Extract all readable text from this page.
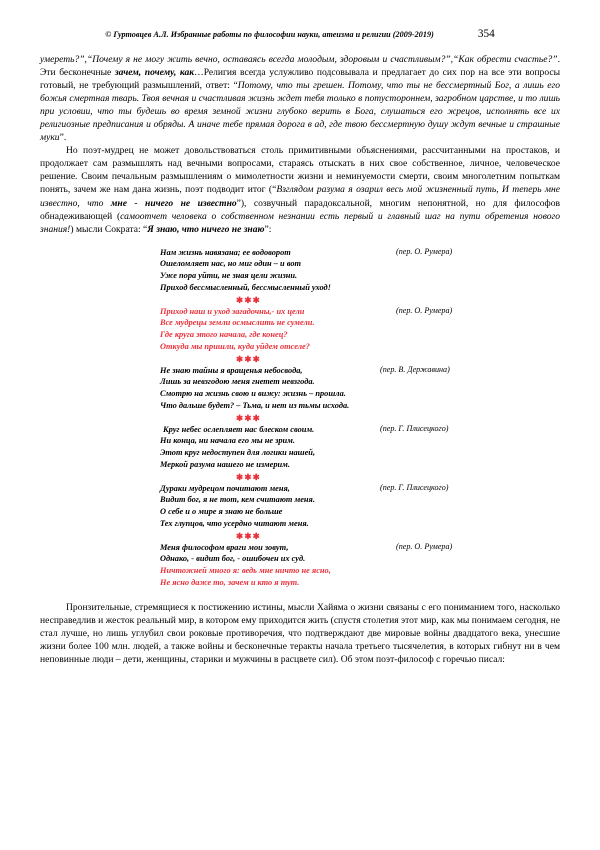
© Гуртовцев А.Л. Избранные работы по философии науки, атеизма и религии (2009-2019)	354

умереть?”,“Почему я не могу жить вечно, оставаясь всегда молодым, здоровым и счастливым?”,“Как обрести счастье?”. Эти бесконечные зачем, почему, как…Религия всегда услужливо подсовывала и предлагает до сих пор на все эти вопросы готовый, не требующий размышлений, ответ: “Потому, что ты грешен. Потому, что ты не бессмертный Бог, а лишь его божья смертная тварь. Твоя вечная и счастливая жизнь ждет тебя только в потустороннем, загробном царстве, и то лишь при условии, что ты будешь во время земной жизни глубоко верить в Бога, слушаться его жрецов, исполнять все их религиозные предписания и обряды. А иначе тебе прямая дорога в ад, где твою бессмертную душу ждут вечные и страшные муки”.

Но поэт-мудрец не может довольствоваться столь примитивными объяснениями, рассчитанными на простаков, и продолжает сам размышлять над вечными вопросами, стараясь отыскать в них свое собственное, личное, человеческое решение. Своим печальным размышлениям о мимолетности жизни и неминуемости смерти, своим многолетним попыткам понять, зачем же нам дана жизнь, поэт подводит итог (“Взглядом разума я озарил весь мой жизненный путь, И теперь мне известно, что мне - ничего не известно”), созвучный парадоксальной, многим непонятной, но для философов обнадеживающей (самоотчет человека о собственном незнании есть первый и главный шаг на пути обретения нового знания!) мысли Сократа: “Я знаю, что ничего не знаю”:

(пер. О. Румера)
Нам жизнь навязана; ее водоворот
Ошеломляет нас, но миг один – и вот
Уже пора уйти, не зная цели жизни.
Приход бессмысленный, бессмысленный уход!
✱✱✱
(пер. О. Румера)
Приход наш и уход загадочны,- их цели
Все мудрецы земли осмыслить не сумели.
Где круга этого начала, где конец?
Откуда мы пришли, куда уйдем отселе?
✱✱✱
(пер. В. Державина)
Не знаю тайны я вращенья небосвода,
Лишь за невзгодою меня гнетет невзгода.
Смотрю на жизнь свою и вижу: жизнь – прошла.
Что дальше будет? – Тьма, и нет из тьмы исхода.
✱✱✱
(пер. Г. Плисецкого)
Круг небес ослепляет нас блеском своим.
Ни конца, ни начала его мы не зрим.
Этот круг недоступен для логики нашей,
Меркой разума нашего не измерим.
✱✱✱
(пер. Г. Плисецкого)
Дураки мудрецом почитают меня,
Видит бог, я не тот, кем считают меня.
О себе и о мире я знаю не больше
Тех глупцов, что усердно читают меня.
✱✱✱
(пер. О. Румера)
Меня философом враги мои зовут,
Однако, - видит бог, - ошибочен их суд.
Ничтожней много я: ведь мне ничто не ясно,
Не ясно даже то, зачем и кто я тут.

Пронзительные, стремящиеся к постижению истины, мысли Хайяма о жизни связаны с его пониманием того, насколько несправедлив и жесток реальный мир, в котором ему приходится жить (спустя столетия этот мир, как мы понимаем сегодня, не стал лучше, но лишь углубил свои роковые противоречия, что подтверждают две мировые войны двадцатого века, унесшие жизни более 100 млн. людей, а также войны и бесконечные теракты начала третьего тысячелетия, в которых гибнут ни в чем неповинные люди – дети, женщины, старики и мужчины в расцвете сил). Об этом поэт-философ с горечью писал:
